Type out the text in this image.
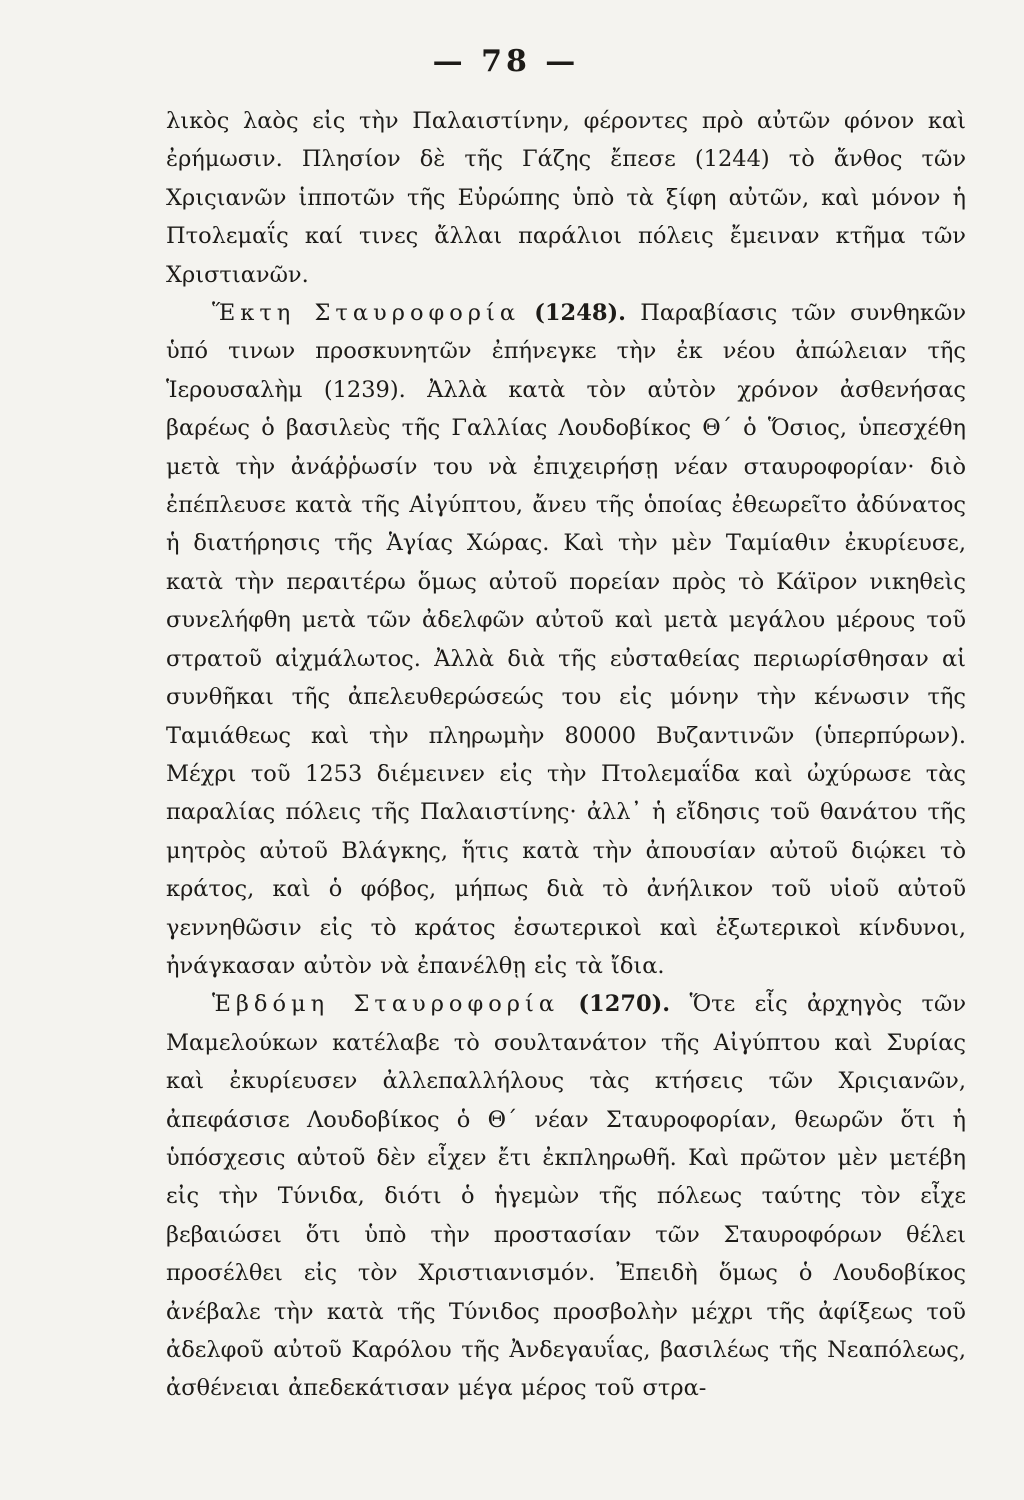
— 78 —

λικὸς λαὸς εἰς τὴν Παλαιστίνην, φέροντες πρὸ αὐτῶν φόνον καὶ ἐρήμωσιν. Πλησίον δὲ τῆς Γάζης ἔπεσε (1244) τὸ ἄνθος τῶν Χριςιανῶν ἱπποτῶν τῆς Εὐρώπης ὑπὸ τὰ ξίφη αὐτῶν, καὶ μόνον ἡ Πτολεμαΐς καί τινες ἄλλαι παράλιοι πόλεις ἔμειναν κτῆμα τῶν Χριστιανῶν.

Ἕκτη Σταυροφορία (1248). Παραβίασις τῶν συνθηκῶν ὑπό τινων προσκυνητῶν ἐπήνεγκε τὴν ἐκ νέου ἀπώλειαν τῆς Ἱερουσαλὴμ (1239). Ἀλλὰ κατὰ τὸν αὐτὸν χρόνον ἀσθενήσας βαρέως ὁ βασιλεὺς τῆς Γαλλίας Λουδοβίκος Θ΄ ὁ Ὅσιος, ὑπεσχέθη μετὰ τὴν ἀνάῤῥωσίν του νὰ ἐπιχειρήσῃ νέαν σταυροφορίαν· διὸ ἐπέπλευσε κατὰ τῆς Αἰγύπτου, ἄνευ τῆς ὁποίας ἐθεωρεῖτο ἀδύνατος ἡ διατήρησις τῆς Ἁγίας Χώρας. Καὶ τὴν μὲν Ταμίαθιν ἐκυρίευσε, κατὰ τὴν περαιτέρω ὅμως αὐτοῦ πορείαν πρὸς τὸ Κάϊρον νικηθεὶς συνελήφθη μετὰ τῶν ἀδελφῶν αὐτοῦ καὶ μετὰ μεγάλου μέρους τοῦ στρατοῦ αἰχμάλωτος. Ἀλλὰ διὰ τῆς εὐσταθείας περιωρίσθησαν αἱ συνθῆκαι τῆς ἀπελευθερώσεώς του εἰς μόνην τὴν κένωσιν τῆς Ταμιάθεως καὶ τὴν πληρωμὴν 80000 Βυζαντινῶν (ὑπερπύρων). Μέχρι τοῦ 1253 διέμεινεν εἰς τὴν Πτολεμαΐδα καὶ ὠχύρωσε τὰς παραλίας πόλεις τῆς Παλαιστίνης· ἀλλ᾽ ἡ εἴδησις τοῦ θανάτου τῆς μητρὸς αὐτοῦ Βλάγκης, ἥτις κατὰ τὴν ἀπουσίαν αὐτοῦ διῴκει τὸ κράτος, καὶ ὁ φόβος, μήπως διὰ τὸ ἀνήλικον τοῦ υἱοῦ αὐτοῦ γεννηθῶσιν εἰς τὸ κράτος ἐσωτερικοὶ καὶ ἐξωτερικοὶ κίνδυνοι, ἠνάγκασαν αὐτὸν νὰ ἐπανέλθῃ εἰς τὰ ἴδια.

Ἑβδόμη Σταυροφορία (1270). Ὅτε εἷς ἀρχηγὸς τῶν Μαμελούκων κατέλαβε τὸ σουλτανάτον τῆς Αἰγύπτου καὶ Συρίας καὶ ἐκυρίευσεν ἀλλεπαλλήλους τὰς κτήσεις τῶν Χριςιανῶν, ἀπεφάσισε Λουδοβίκος ὁ Θ΄ νέαν Σταυροφορίαν, θεωρῶν ὅτι ἡ ὑπόσχεσις αὐτοῦ δὲν εἶχεν ἔτι ἐκπληρωθῆ. Καὶ πρῶτον μὲν μετέβη εἰς τὴν Τύνιδα, διότι ὁ ἡγεμὼν τῆς πόλεως ταύτης τὸν εἶχε βεβαιώσει ὅτι ὑπὸ τὴν προστασίαν τῶν Σταυροφόρων θέλει προσέλθει εἰς τὸν Χριστιανισμόν. Ἐπειδὴ ὅμως ὁ Λουδοβίκος ἀνέβαλε τὴν κατὰ τῆς Τύνιδος προσβολὴν μέχρι τῆς ἀφίξεως τοῦ ἀδελφοῦ αὐτοῦ Καρόλου τῆς Ἀνδεγαυΐας, βασιλέως τῆς Νεαπόλεως, ἀσθένειαι ἀπεδεκάτισαν μέγα μέρος τοῦ στρα-
